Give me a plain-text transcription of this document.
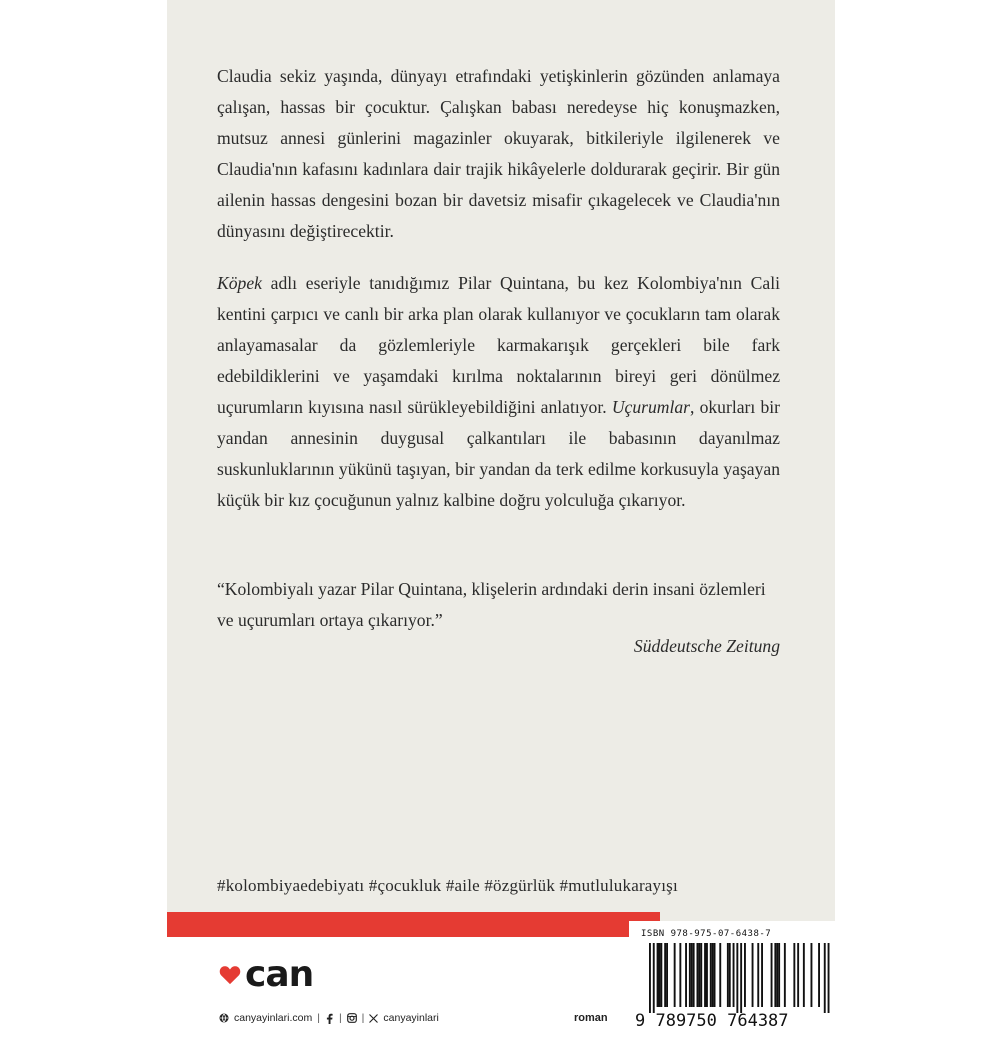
Claudia sekiz yaşında, dünyayı etrafındaki yetişkinlerin gözünden anlamaya çalışan, hassas bir çocuktur. Çalışkan babası neredeyse hiç konuşmazken, mutsuz annesi günlerini magazinler okuyarak, bitkileriyle ilgilenerek ve Claudia'nın kafasını kadınlara dair trajik hikâyelerle doldurarak geçirir. Bir gün ailenin hassas dengesini bozan bir davetsiz misafir çıkagelecek ve Claudia'nın dünyasını değiştirecektir.

Köpek adlı eseriyle tanıdığımız Pilar Quintana, bu kez Kolombiya'nın Cali kentini çarpıcı ve canlı bir arka plan olarak kullanıyor ve çocukların tam olarak anlayamasalar da gözlemleriyle karmakarışık gerçekleri bile fark edebildiklerini ve yaşamdaki kırılma noktalarının bireyi geri dönülmez uçurumların kıyısına nasıl sürükleyebildiğini anlatıyor. Uçurumlar, okurları bir yandan annesinin duygusal çalkantıları ile babasının dayanılmaz suskunluklarının yükünü taşıyan, bir yandan da terk edilme korkusuyla yaşayan küçük bir kız çocuğunun yalnız kalbine doğru yolculuğa çıkarıyor.

“Kolombiyalı yazar Pilar Quintana, klişelerin ardındaki derin insani özlemleri ve uçurumları ortaya çıkarıyor.”

Süddeutsche Zeitung
#kolombiyaedebiyatı #çocukluk #aile #özgürlük #mutlulukarayışı
can
canyayinlari.com | | | canyayinlari	roman
ISBN 978-975-07-6438-7
9 789750 764387
